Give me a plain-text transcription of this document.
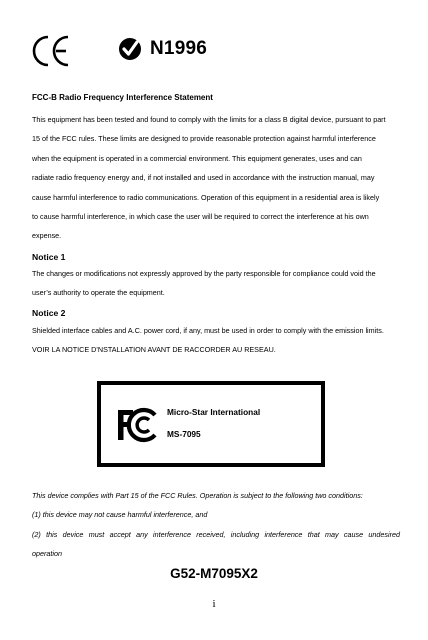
N1996
FCC-B Radio Frequency Interference Statement
This equipment has been tested and found to comply with the limits for a class B digital device, pursuant to part
15 of the FCC rules. These limits are designed to provide reasonable protection against harmful interference
when the equipment is operated in a commercial environment. This equipment generates, uses and can
radiate radio frequency energy and, if not installed and used in accordance with the instruction manual, may
cause harmful interference to radio communications. Operation of this equipment in a residential area is likely
to cause harmful interference, in which case the user will be required to correct the interference at his own
expense.
Notice 1
The changes or modifications not expressly approved by the party responsible for compliance could void the
user’s authority to operate the equipment.
Notice 2
Shielded interface cables and A.C. power cord, if any, must be used in order to comply with the emission limits.
VOIR LA NOTICE D’NSTALLATION AVANT DE RACCORDER AU RESEAU.
Micro-Star International
MS-7095
This device complies with Part 15 of the FCC Rules. Operation is subject to the following two conditions:
(1) this device may not cause harmful interference, and
(2) this device must accept any interference received, including interference that may cause undesired
operation
G52-M7095X2
i
